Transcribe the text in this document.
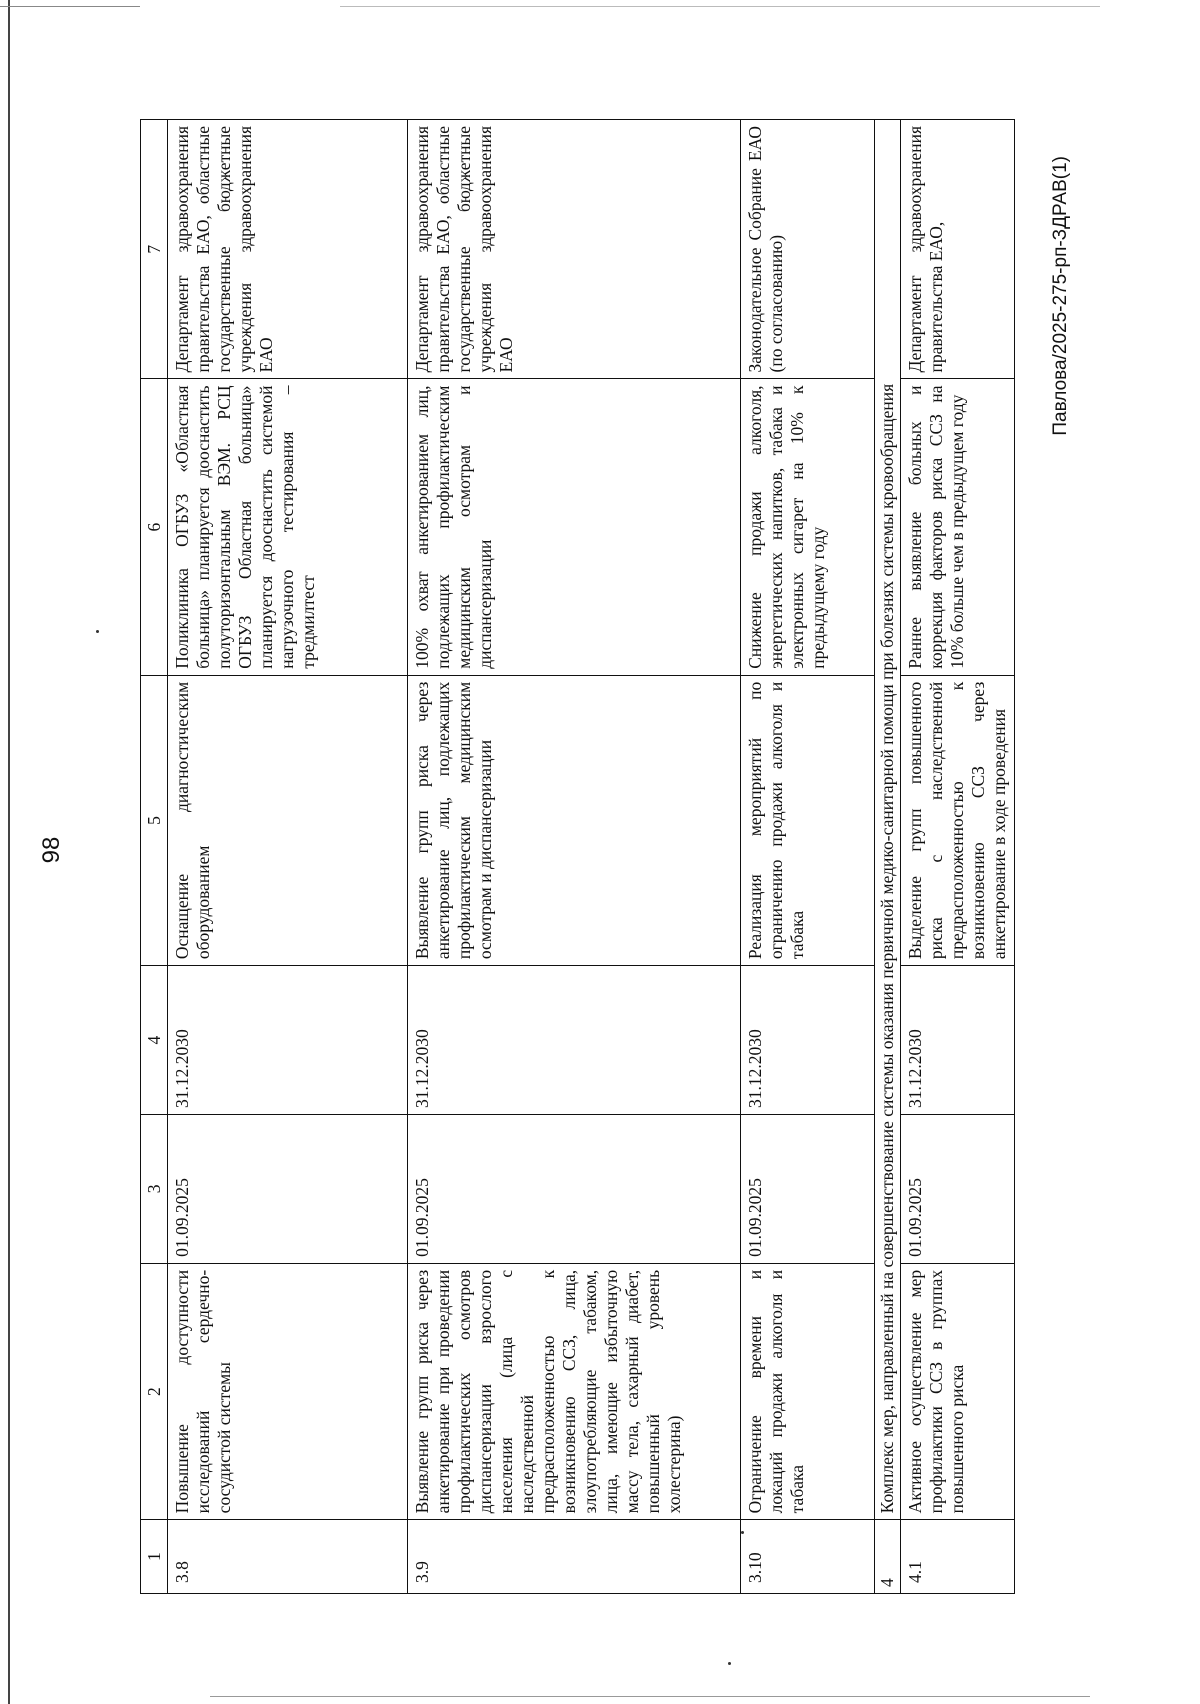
98
1	2	3	4	5	6	7
3.8	Повышение доступности исследований сердечно-сосудистой системы	01.09.2025	31.12.2030	Оснащение диагностическим оборудованием	Поликлиника ОГБУЗ «Областная больница» планируется дооснастить полуторизонтальным ВЭМ. РСЦ ОГБУЗ Областная больница» планируется дооснастить системой нагрузочного тестирования – тредмилтест	Департамент здравоохранения правительства ЕАО, областные государственные бюджетные учреждения здравоохранения ЕАО
3.9	Выявление групп риска через анкетирование при проведении профилактических осмотров диспансеризации взрослого населения (лица с наследственной предрасположенностью к возникновению ССЗ, лица, злоупотребляющие табаком, лица, имеющие избыточную массу тела, сахарный диабет, повышенный уровень холестерина)	01.09.2025	31.12.2030	Выявление групп риска через анкетирование лиц, подлежащих профилактическим медицинским осмотрам и диспансеризации	100% охват анкетированием лиц, подлежащих профилактическим медицинским осмотрам и диспансеризации	Департамент здравоохранения правительства ЕАО, областные государственные бюджетные учреждения здравоохранения ЕАО
3.10	Ограничение времени и локаций продажи алкоголя и табака	01.09.2025	31.12.2030	Реализация мероприятий по ограничению продажи алкоголя и табака	Снижение продажи алкоголя, энергетических напитков, табака и электронных сигарет на 10% к предыдущему году	Законодательное Собрание ЕАО (по согласованию)
4	Комплекс мер, направленный на совершенствование системы оказания первичной медико-санитарной помощи при болезнях системы кровообращения					
4.1	Активное осуществление мер профилактики ССЗ в группах повышенного риска	01.09.2025	31.12.2030	Выделение групп повышенного риска с наследственной предрасположенностью к возникновению ССЗ через анкетирование в ходе проведения	Раннее выявление больных и коррекция факторов риска ССЗ на 10% больше чем в предыдущем году	Департамент здравоохранения правительства ЕАО,	Павлова/2025-275-рп-ЗДРАВ(1)
